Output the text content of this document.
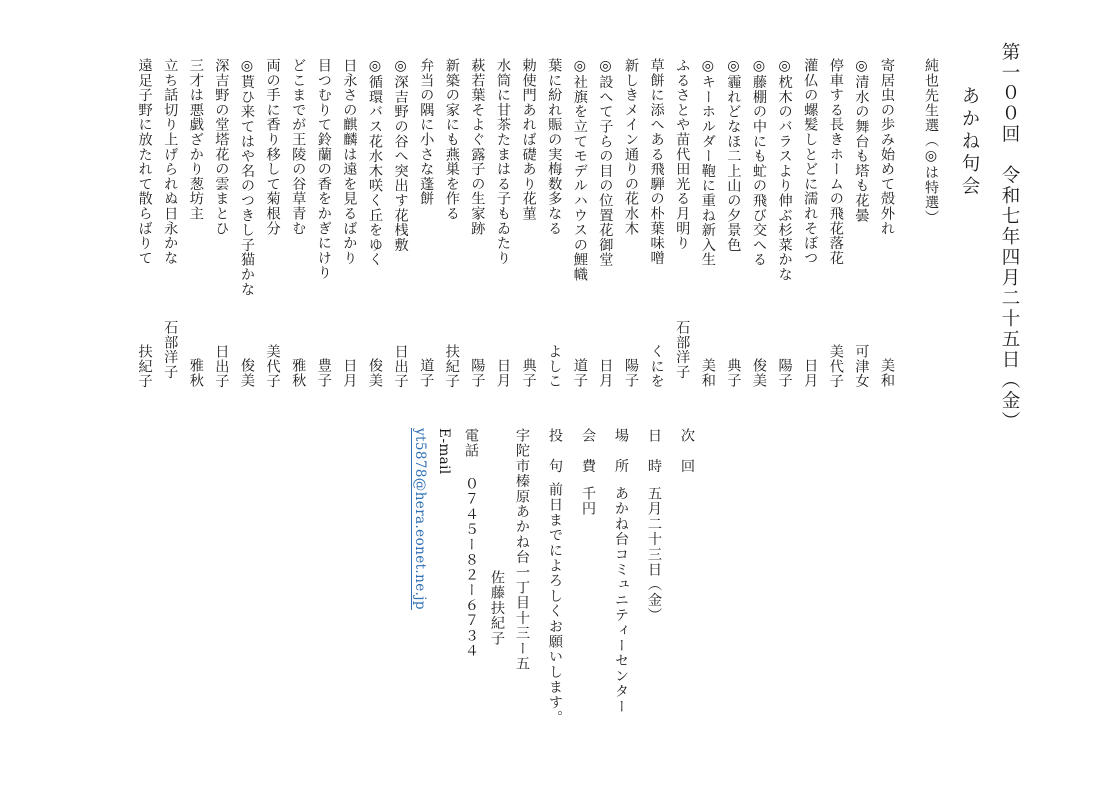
第一００回　令和七年四月二十五日（金）
あかね句会
純也先生選（◎は特選）
寄居虫の歩み始めて殻外れ
美和
◎清水の舞台も塔も花曇
可津女
停車する長きホームの飛花落花
美代子
灌仏の螺髪しとどに濡れそぼつ
日月
◎枕木のバラスより伸ぶ杉菜かな
陽子
◎藤棚の中にも虻の飛び交へる
俊美
◎霾れどなほ二上山の夕景色
典子
◎キーホルダー鞄に重ね新入生
美和
ふるさとや苗代田光る月明り
石部洋子
草餅に添へある飛騨の朴葉味噌
くにを
新しきメイン通りの花水木
陽子
◎設へて子らの目の位置花御堂
日月
◎社旗を立てモデルハウスの鯉幟
道子
葉に紛れ賑の実梅数多なる
よしこ
勅使門あれば礎あり花菫
典子
水筒に甘茶たまはる子もゐたり
日月
萩若葉そよぐ露子の生家跡
陽子
新築の家にも燕巣を作る
扶紀子
弁当の隅に小さな蓬餅
道子
◎深吉野の谷へ突出す花桟敷
日出子
◎循環バス花水木咲く丘をゆく
俊美
日永さの麒麟は遠を見るばかり
日月
目つむりて鈴蘭の香をかぎにけり
豊子
どこまでが王陵の谷草青む
雅秋
両の手に香り移して菊根分
美代子
◎貰ひ来てはや名のつきし子猫かな
俊美
深吉野の堂塔花の雲まとひ
日出子
三才は悪戯ざかり葱坊主
雅秋
立ち話切り上げられぬ日永かな
石部洋子
遠足子野に放たれて散らばりて
扶紀子
次　回
日　時五月二十三日（金）
場　所あかね台コミュニティーセンター
会　費千円
投　句前日までによろしくお願いします。
宇陀市榛原あかね台一丁目十三ー五
佐藤扶紀子
電話０７４５ー８２ー６７３４
E-mail
yt5878@hera.eonet.ne.jp
